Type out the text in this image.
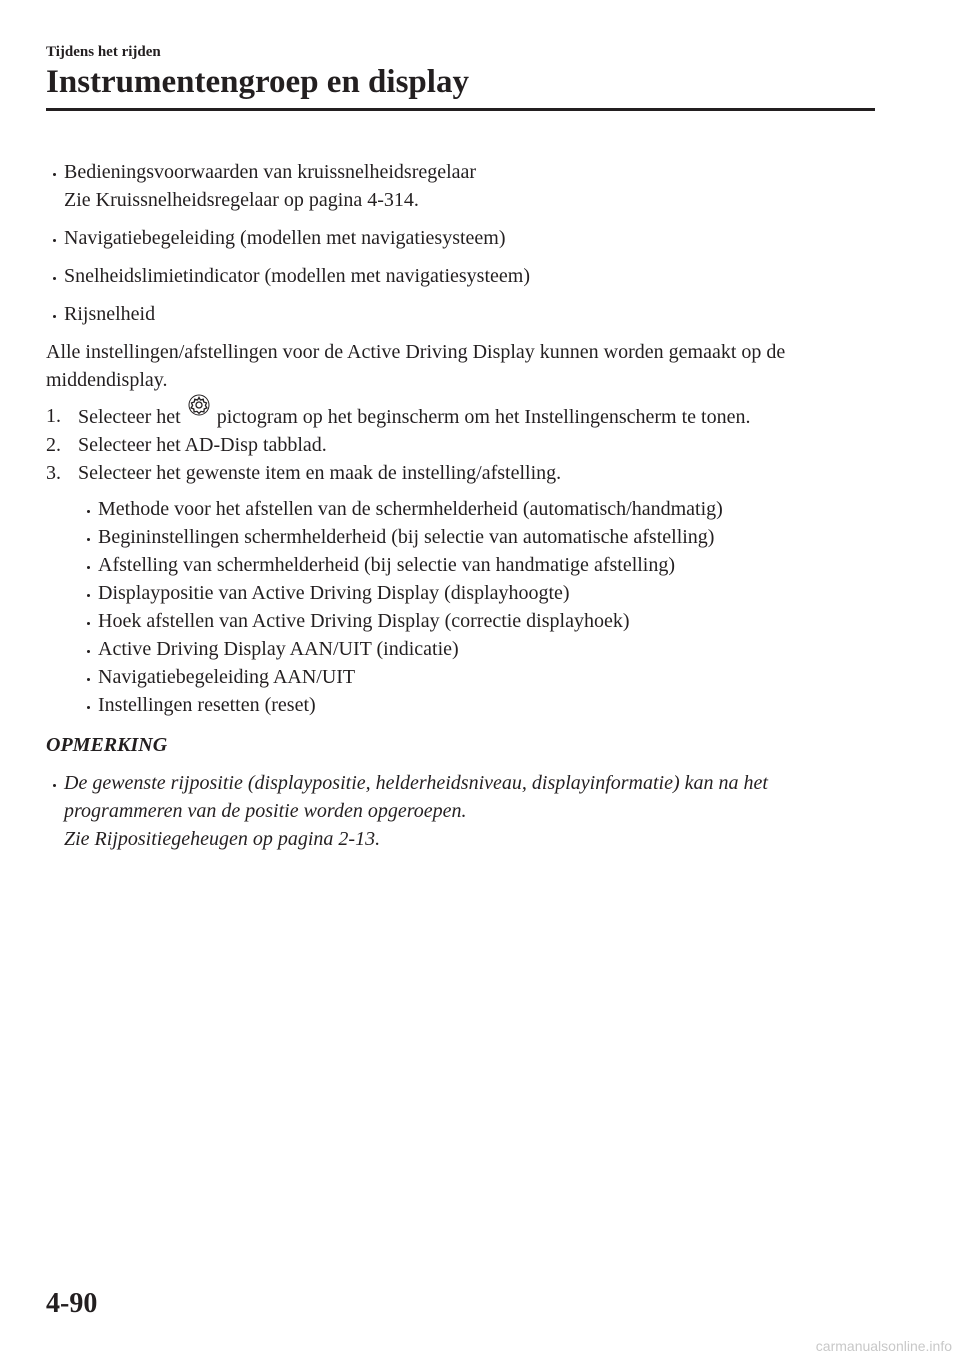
Tijdens het rijden
Instrumentengroep en display
Bedieningsvoorwaarden van kruissnelheidsregelaar
Zie Kruissnelheidsregelaar op pagina 4-314.
Navigatiebegeleiding (modellen met navigatiesysteem)
Snelheidslimietindicator (modellen met navigatiesysteem)
Rijsnelheid

Alle instellingen/afstellingen voor de Active Driving Display kunnen worden gemaakt op de middendisplay.

1. Selecteer het pictogram op het beginscherm om het Instellingenscherm te tonen.
2. Selecteer het AD-Disp tabblad.
3. Selecteer het gewenste item en maak de instelling/afstelling.
Methode voor het afstellen van de schermhelderheid (automatisch/handmatig)
Begininstellingen schermhelderheid (bij selectie van automatische afstelling)
Afstelling van schermhelderheid (bij selectie van handmatige afstelling)
Displaypositie van Active Driving Display (displayhoogte)
Hoek afstellen van Active Driving Display (correctie displayhoek)
Active Driving Display AAN/UIT (indicatie)
Navigatiebegeleiding AAN/UIT
Instellingen resetten (reset)

OPMERKING

De gewenste rijpositie (displaypositie, helderheidsniveau, displayinformatie) kan na het programmeren van de positie worden opgeroepen.
Zie Rijpositiegeheugen op pagina 2-13.
4-90
carmanualsonline.info
